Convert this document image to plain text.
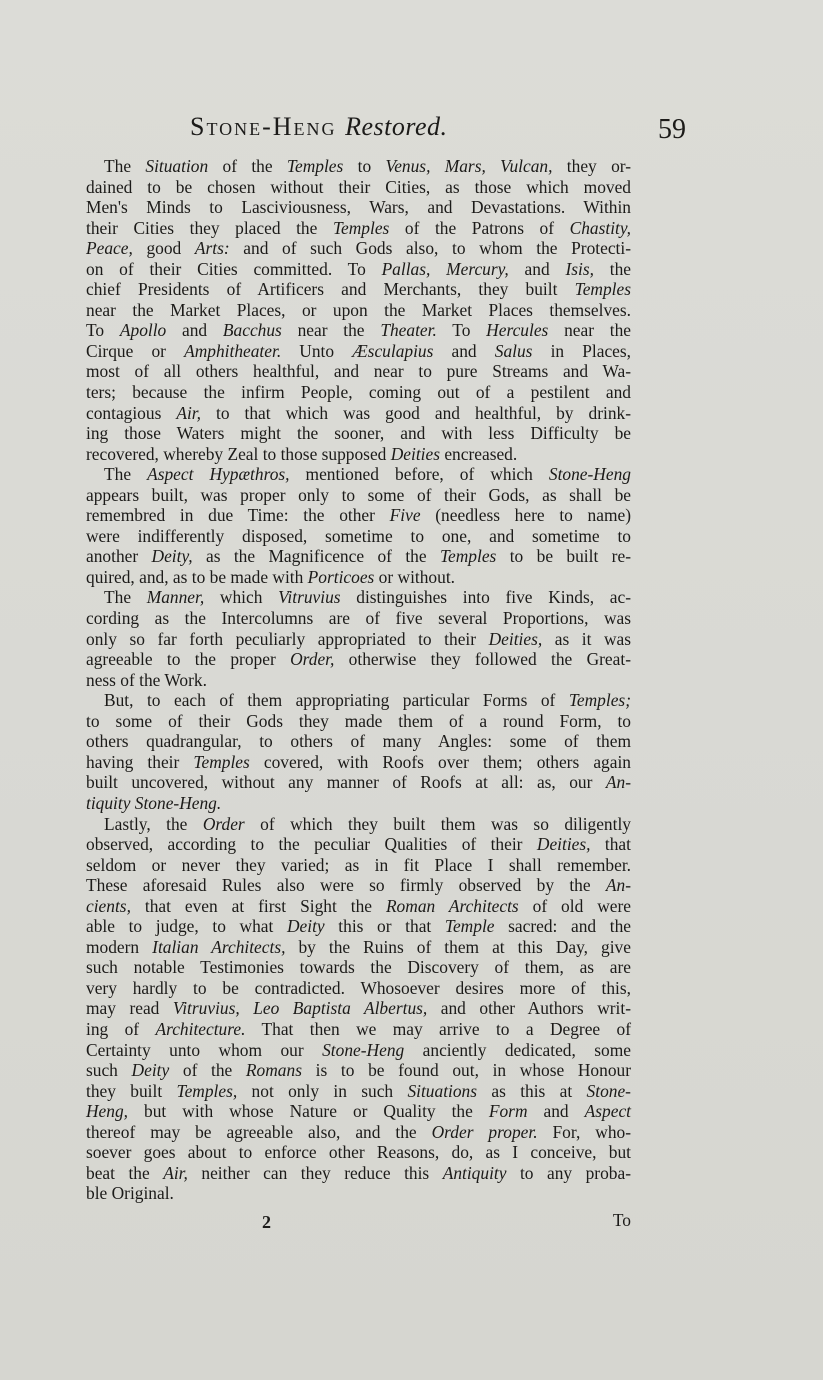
Stone-Heng Restored.	59
The Situation of the Temples to Venus, Mars, Vulcan, they or-
dained to be chosen without their Cities, as those which moved
Men's Minds to Lasciviousness, Wars, and Devastations. Within
their Cities they placed the Temples of the Patrons of Chastity,
Peace, good Arts: and of such Gods also, to whom the Protecti-
on of their Cities committed. To Pallas, Mercury, and Isis, the
chief Presidents of Artificers and Merchants, they built Temples
near the Market Places, or upon the Market Places themselves.
To Apollo and Bacchus near the Theater. To Hercules near the
Cirque or Amphitheater. Unto Æsculapius and Salus in Places,
most of all others healthful, and near to pure Streams and Wa-
ters; because the infirm People, coming out of a pestilent and
contagious Air, to that which was good and healthful, by drink-
ing those Waters might the sooner, and with less Difficulty be
recovered, whereby Zeal to those supposed Deities encreased.
The Aspect Hypæthros, mentioned before, of which Stone-Heng
appears built, was proper only to some of their Gods, as shall be
remembred in due Time: the other Five (needless here to name)
were indifferently disposed, sometime to one, and sometime to
another Deity, as the Magnificence of the Temples to be built re-
quired, and, as to be made with Porticoes or without.
The Manner, which Vitruvius distinguishes into five Kinds, ac-
cording as the Intercolumns are of five several Proportions, was
only so far forth peculiarly appropriated to their Deities, as it was
agreeable to the proper Order, otherwise they followed the Great-
ness of the Work.
But, to each of them appropriating particular Forms of Temples;
to some of their Gods they made them of a round Form, to
others quadrangular, to others of many Angles: some of them
having their Temples covered, with Roofs over them; others again
built uncovered, without any manner of Roofs at all: as, our An-
tiquity Stone-Heng.
Lastly, the Order of which they built them was so diligently
observed, according to the peculiar Qualities of their Deities, that
seldom or never they varied; as in fit Place I shall remember.
These aforesaid Rules also were so firmly observed by the An-
cients, that even at first Sight the Roman Architects of old were
able to judge, to what Deity this or that Temple sacred: and the
modern Italian Architects, by the Ruins of them at this Day, give
such notable Testimonies towards the Discovery of them, as are
very hardly to be contradicted. Whosoever desires more of this,
may read Vitruvius, Leo Baptista Albertus, and other Authors writ-
ing of Architecture. That then we may arrive to a Degree of
Certainty unto whom our Stone-Heng anciently dedicated, some
such Deity of the Romans is to be found out, in whose Honour
they built Temples, not only in such Situations as this at Stone-
Heng, but with whose Nature or Quality the Form and Aspect
thereof may be agreeable also, and the Order proper. For, who-
soever goes about to enforce other Reasons, do, as I conceive, but
beat the Air, neither can they reduce this Antiquity to any proba-
ble Original.
2	To
